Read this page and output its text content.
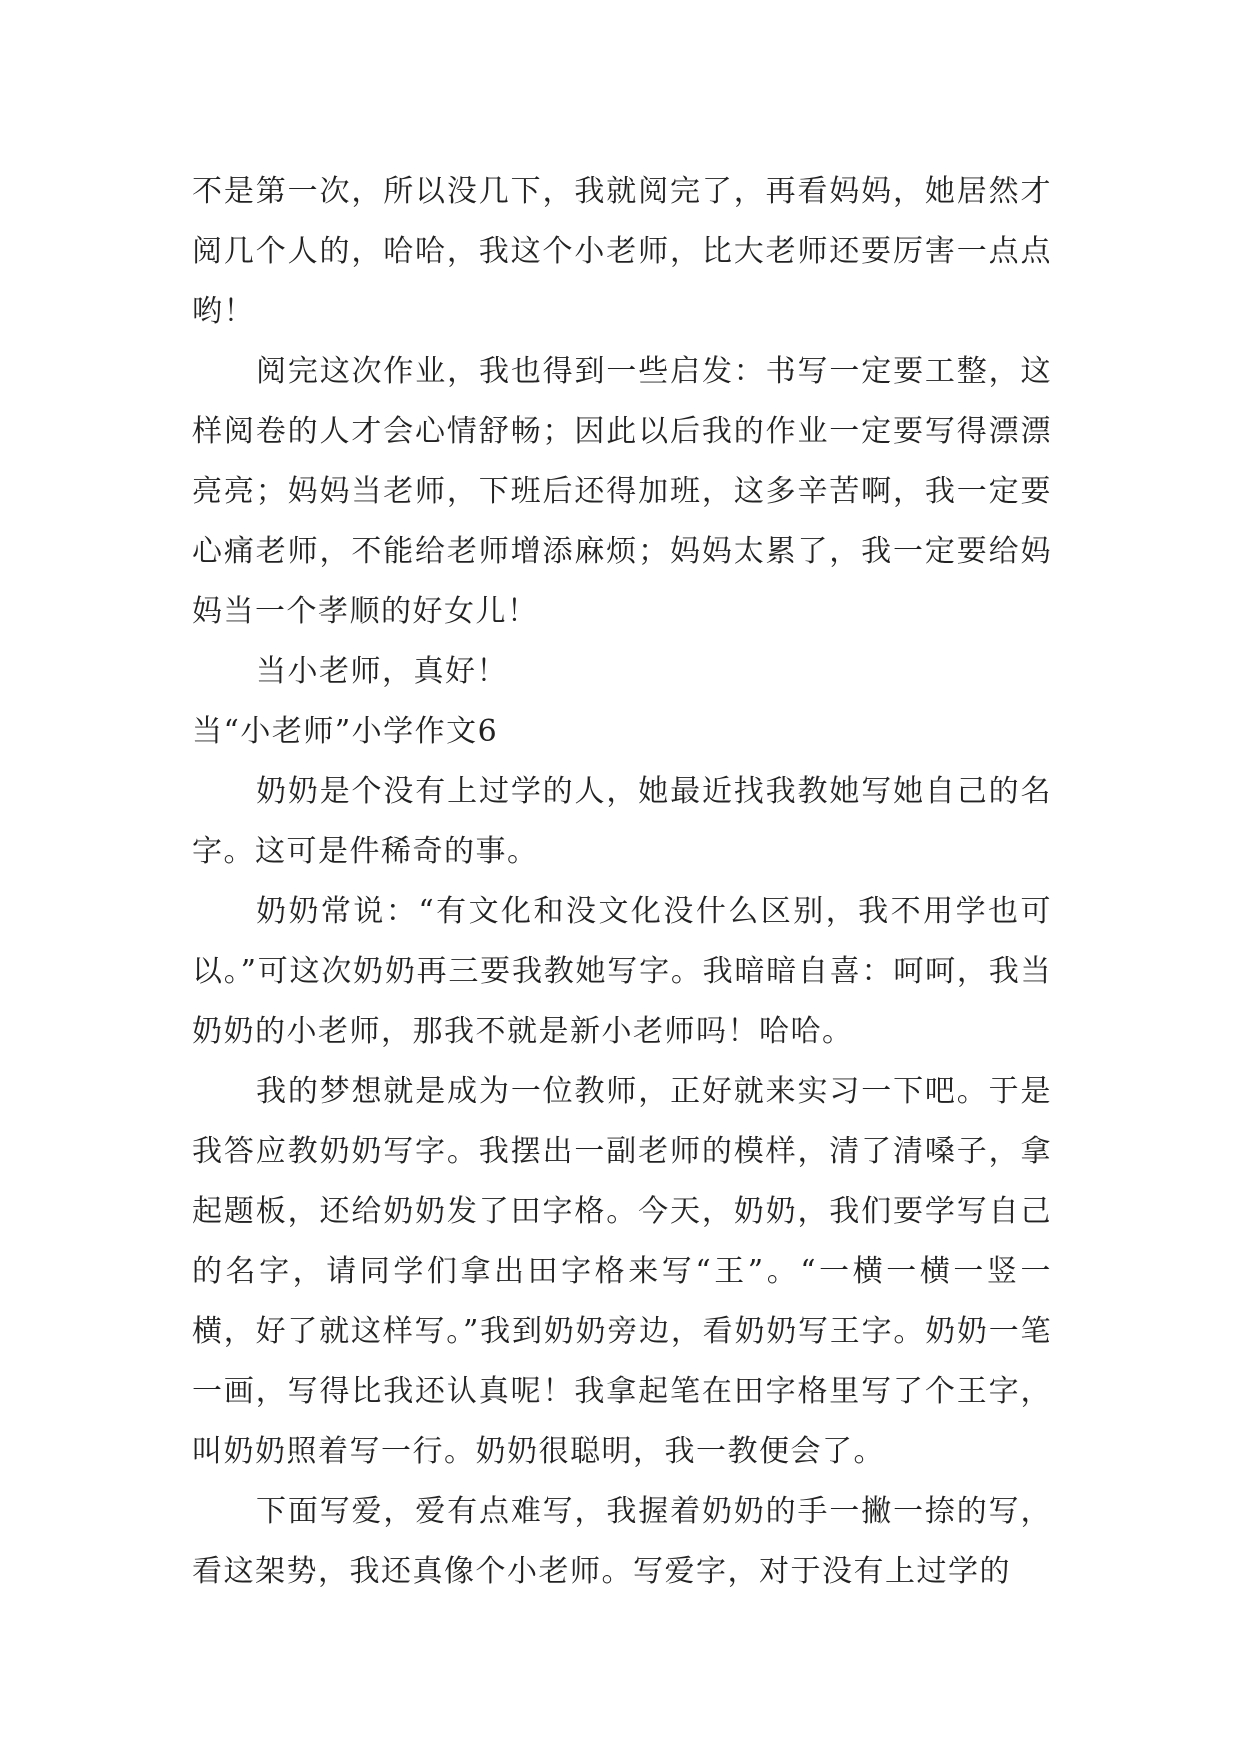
不是第一次，所以没几下，我就阅完了，再看妈妈，她居然才阅几个人的，哈哈，我这个小老师，比大老师还要厉害一点点哟！

阅完这次作业，我也得到一些启发：书写一定要工整，这样阅卷的人才会心情舒畅；因此以后我的作业一定要写得漂漂亮亮；妈妈当老师，下班后还得加班，这多辛苦啊，我一定要心痛老师，不能给老师增添麻烦；妈妈太累了，我一定要给妈妈当一个孝顺的好女儿！

当小老师，真好！

当“小老师”小学作文6

奶奶是个没有上过学的人，她最近找我教她写她自己的名字。这可是件稀奇的事。

奶奶常说：“有文化和没文化没什么区别，我不用学也可以。”可这次奶奶再三要我教她写字。我暗暗自喜：呵呵，我当奶奶的小老师，那我不就是新小老师吗！哈哈。

我的梦想就是成为一位教师，正好就来实习一下吧。于是我答应教奶奶写字。我摆出一副老师的模样，清了清嗓子，拿起题板，还给奶奶发了田字格。今天，奶奶，我们要学写自己的名字，请同学们拿出田字格来写“王”。“一横一横一竖一横，好了就这样写。”我到奶奶旁边，看奶奶写王字。奶奶一笔一画，写得比我还认真呢！我拿起笔在田字格里写了个王字，叫奶奶照着写一行。奶奶很聪明，我一教便会了。

下面写爱，爱有点难写，我握着奶奶的手一撇一捺的写，看这架势，我还真像个小老师。写爱字，对于没有上过学的
